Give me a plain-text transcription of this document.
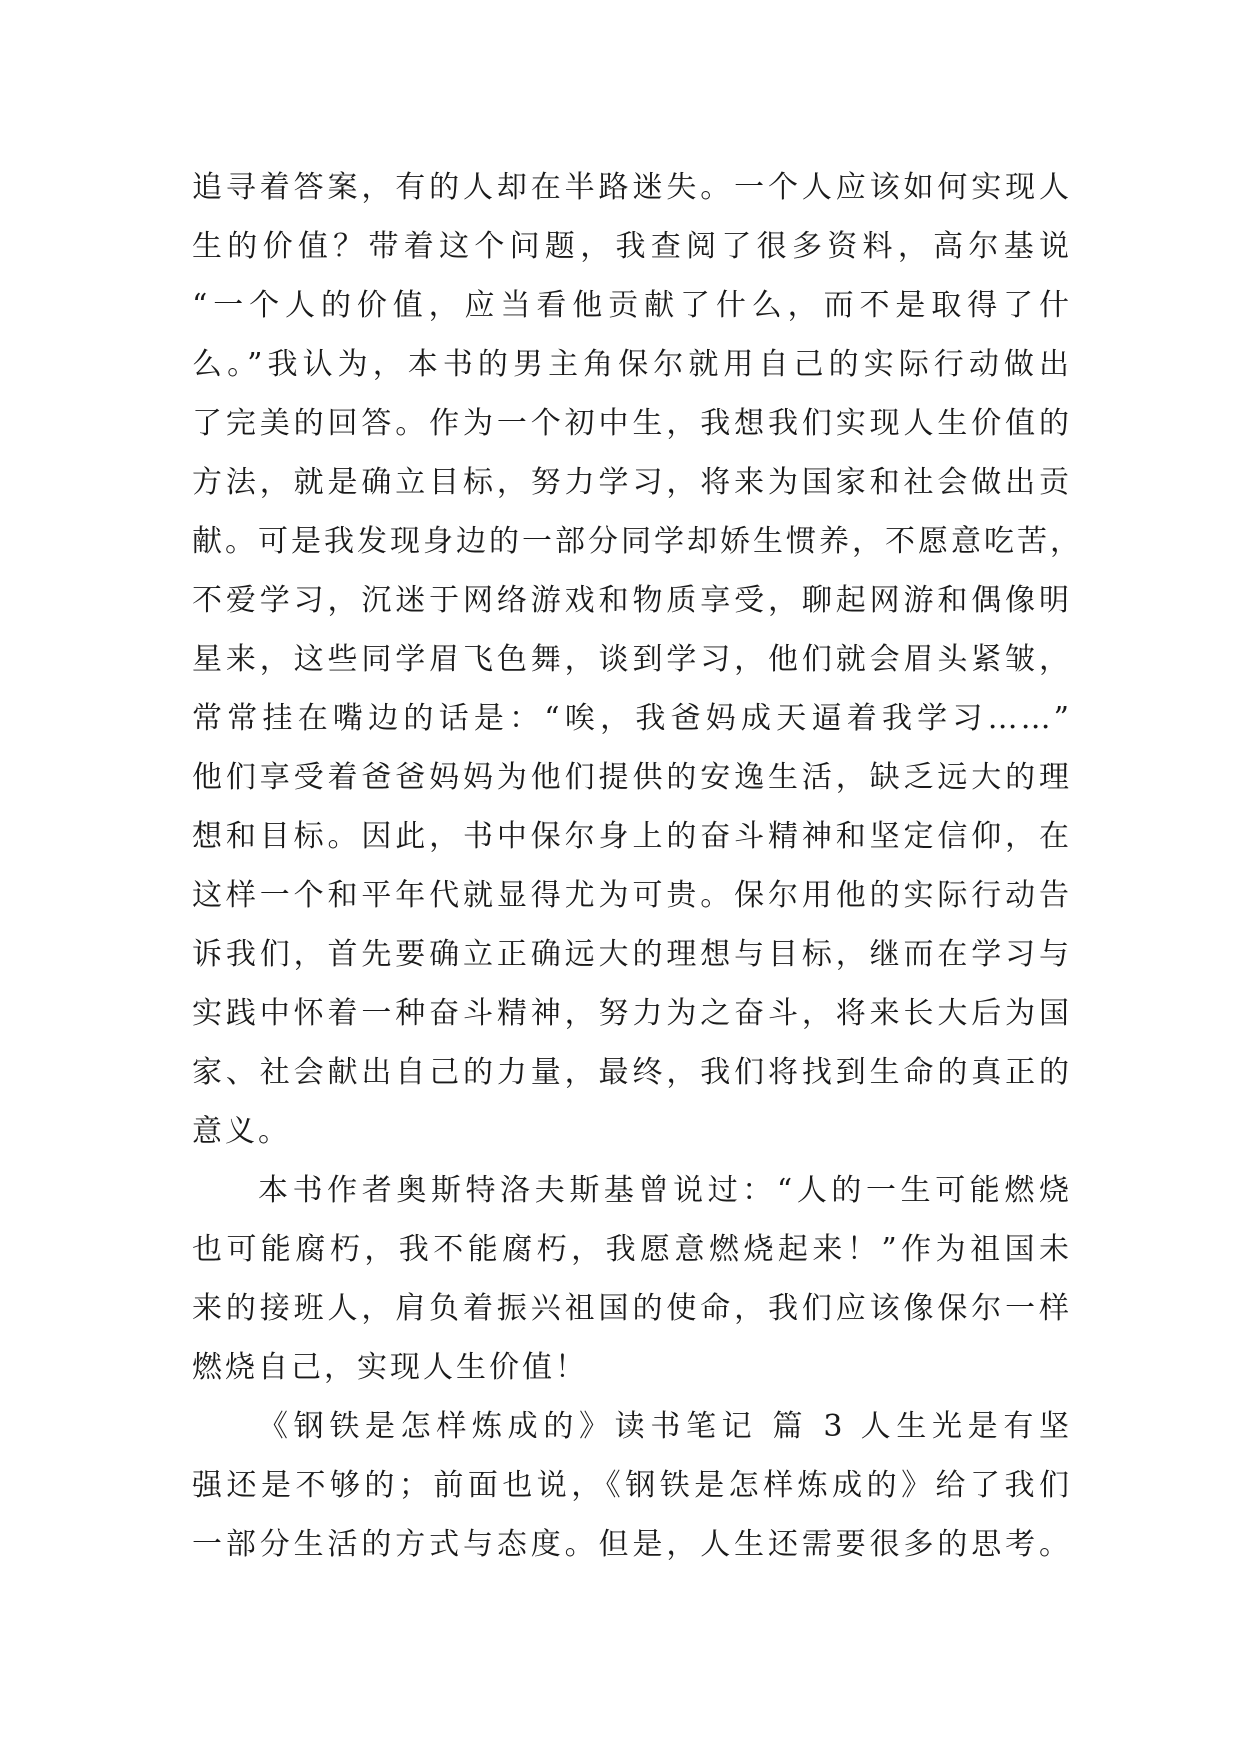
追寻着答案，有的人却在半路迷失。一个人应该如何实现人
生的价值？带着这个问题，我查阅了很多资料，高尔基说
“一个人的价值，应当看他贡献了什么，而不是取得了什
么。”我认为，本书的男主角保尔就用自己的实际行动做出
了完美的回答。作为一个初中生，我想我们实现人生价值的
方法，就是确立目标，努力学习，将来为国家和社会做出贡
献。可是我发现身边的一部分同学却娇生惯养，不愿意吃苦，
不爱学习，沉迷于网络游戏和物质享受，聊起网游和偶像明
星来，这些同学眉飞色舞，谈到学习，他们就会眉头紧皱，
常常挂在嘴边的话是：“唉，我爸妈成天逼着我学习……”
他们享受着爸爸妈妈为他们提供的安逸生活，缺乏远大的理
想和目标。因此，书中保尔身上的奋斗精神和坚定信仰，在
这样一个和平年代就显得尤为可贵。保尔用他的实际行动告
诉我们，首先要确立正确远大的理想与目标，继而在学习与
实践中怀着一种奋斗精神，努力为之奋斗，将来长大后为国
家、社会献出自己的力量，最终，我们将找到生命的真正的
意义。
本书作者奥斯特洛夫斯基曾说过：“人的一生可能燃烧
也可能腐朽，我不能腐朽，我愿意燃烧起来！”作为祖国未
来的接班人，肩负着振兴祖国的使命，我们应该像保尔一样
燃烧自己，实现人生价值！
《钢铁是怎样炼成的》读书笔记 篇 3 人生光是有坚
强还是不够的；前面也说，《钢铁是怎样炼成的》给了我们
一部分生活的方式与态度。但是，人生还需要很多的思考。
